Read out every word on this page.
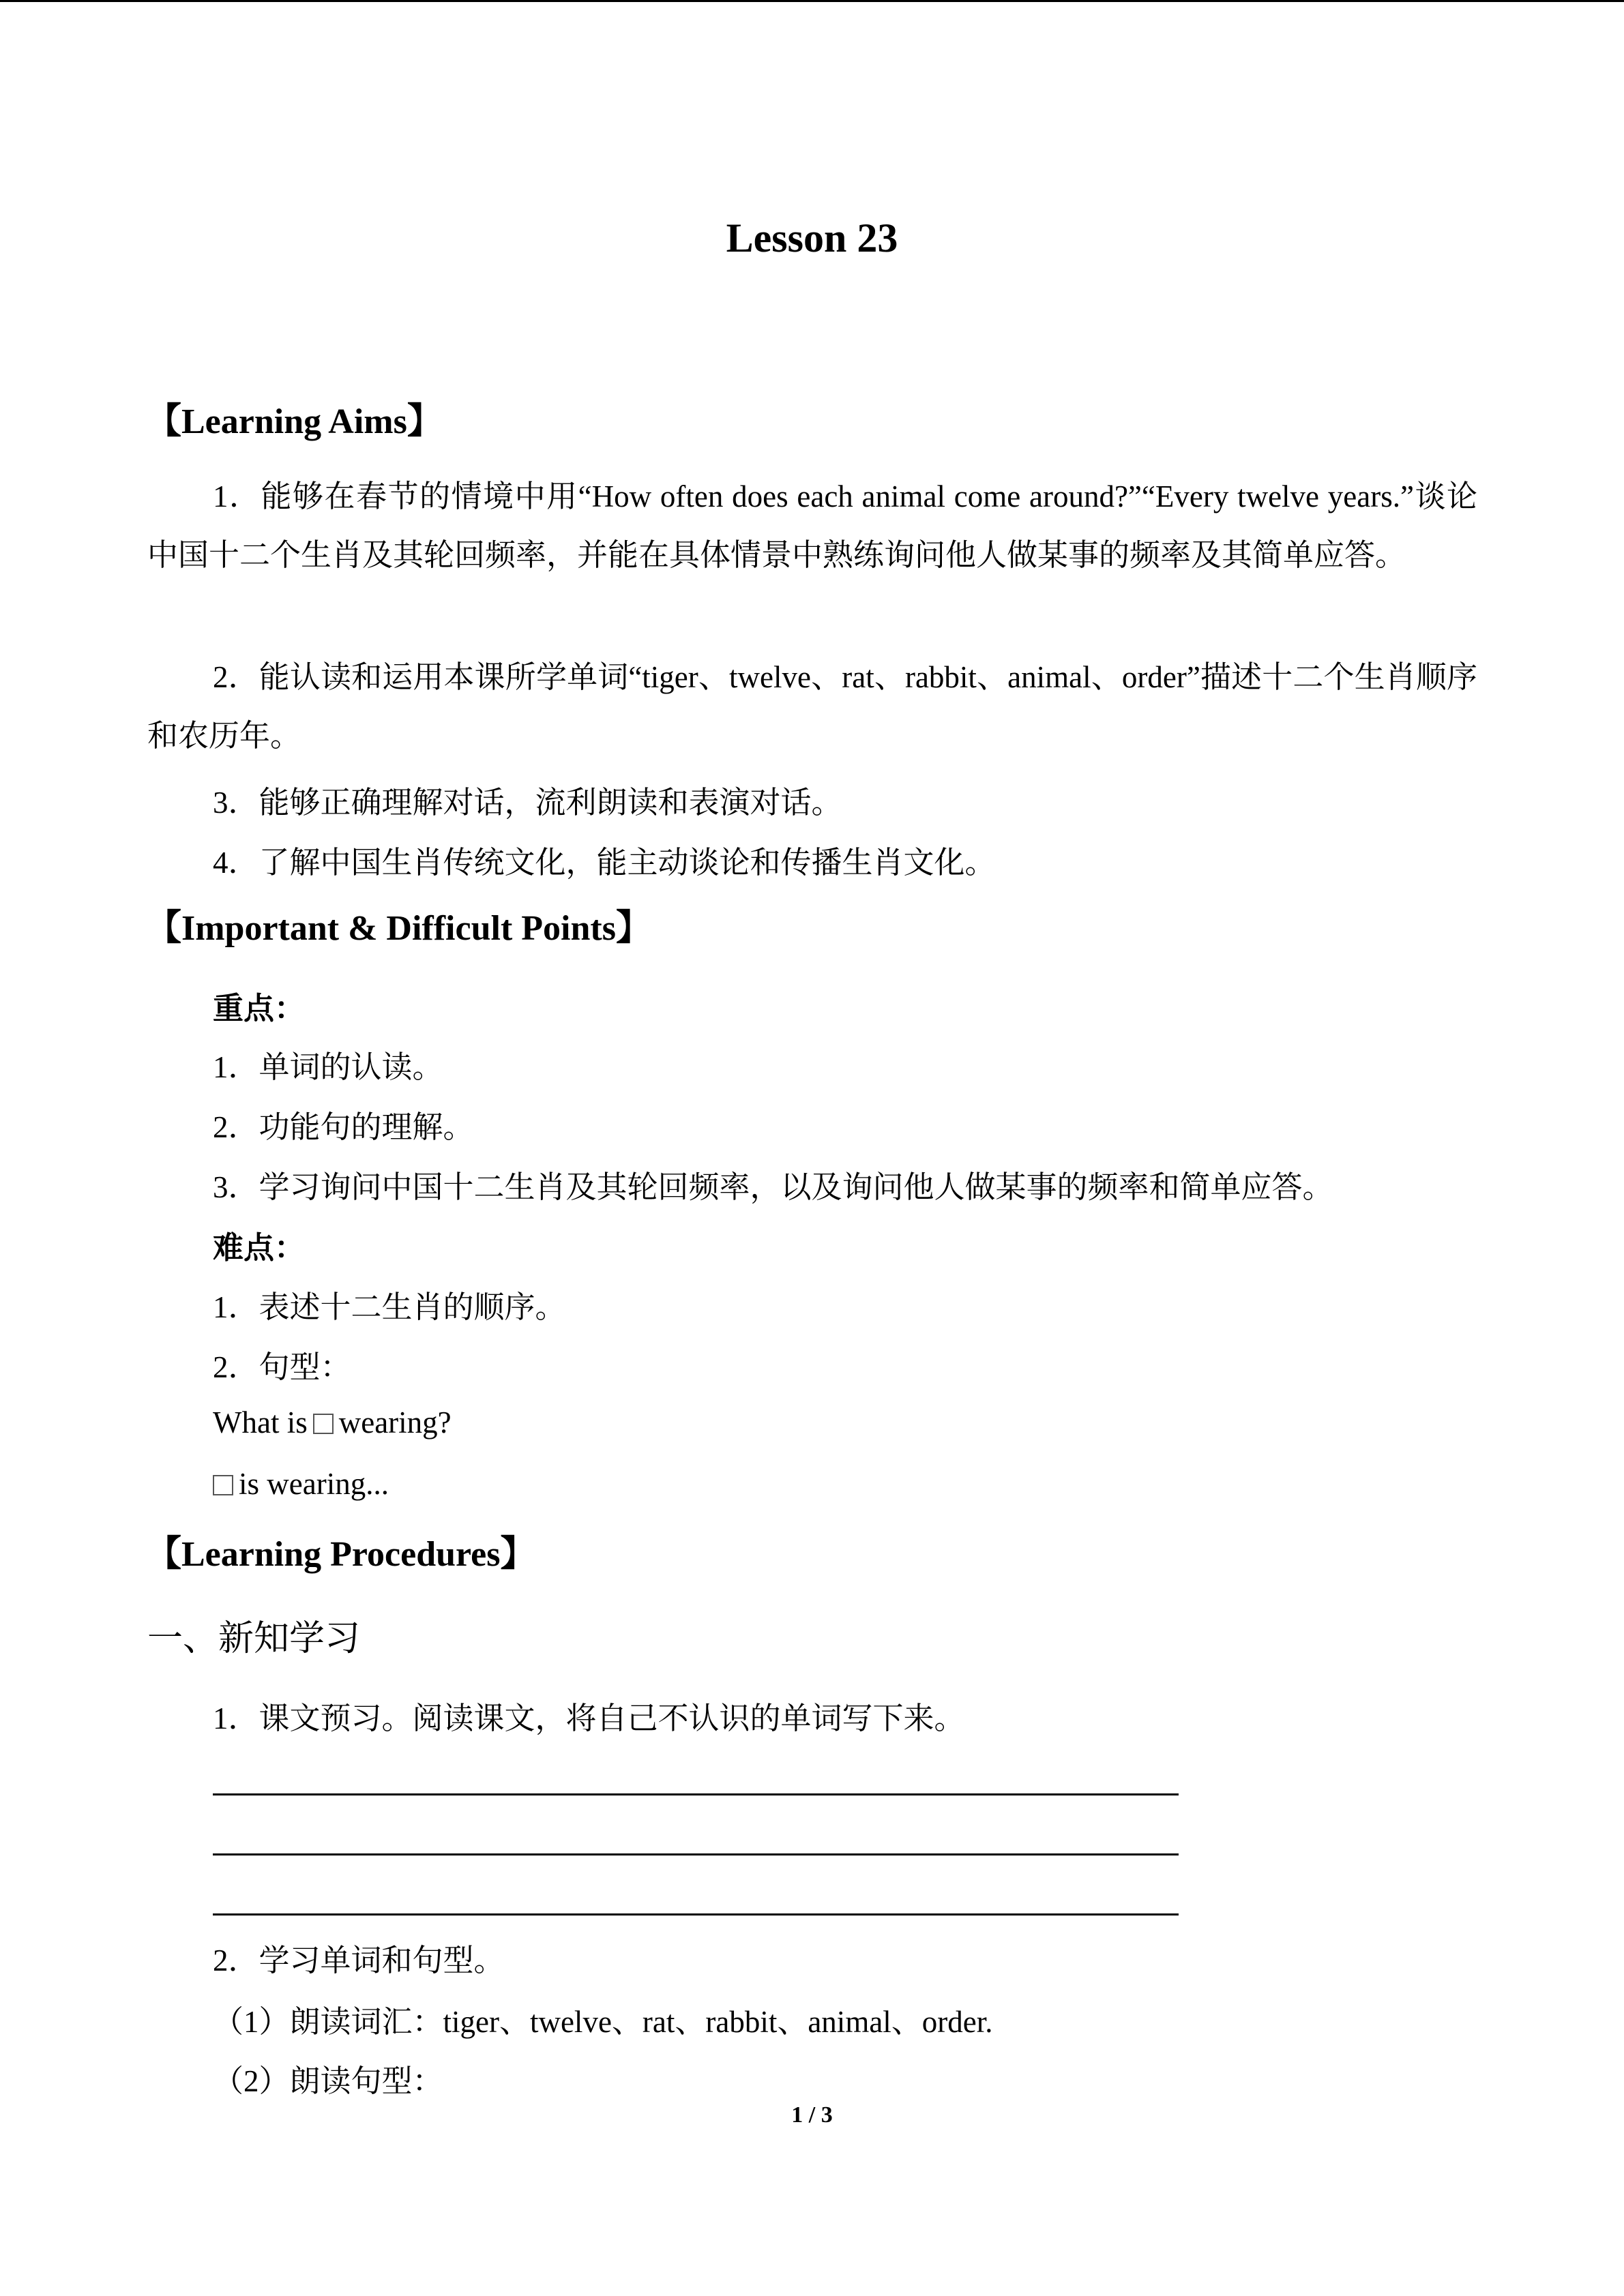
Lesson 23
【Learning Aims】
1．能够在春节的情境中用“How often does each animal come around?”“Every twelve years.”谈论中国十二个生肖及其轮回频率，并能在具体情景中熟练询问他人做某事的频率及其简单应答。
2．能认读和运用本课所学单词“tiger、twelve、rat、rabbit、animal、order”描述十二个生肖顺序和农历年。
3．能够正确理解对话，流利朗读和表演对话。
4．了解中国生肖传统文化，能主动谈论和传播生肖文化。
【Important & Difficult Points】
重点：
1．单词的认读。
2．功能句的理解。
3．学习询问中国十二生肖及其轮回频率，以及询问他人做某事的频率和简单应答。
难点：
1．表述十二生肖的顺序。
2．句型：
What is wearing?
is wearing...
【Learning Procedures】
一、新知学习
1．课文预习。阅读课文，将自己不认识的单词写下来。
2．学习单词和句型。
（1）朗读词汇：tiger、twelve、rat、rabbit、animal、order.
（2）朗读句型：
1 / 3
